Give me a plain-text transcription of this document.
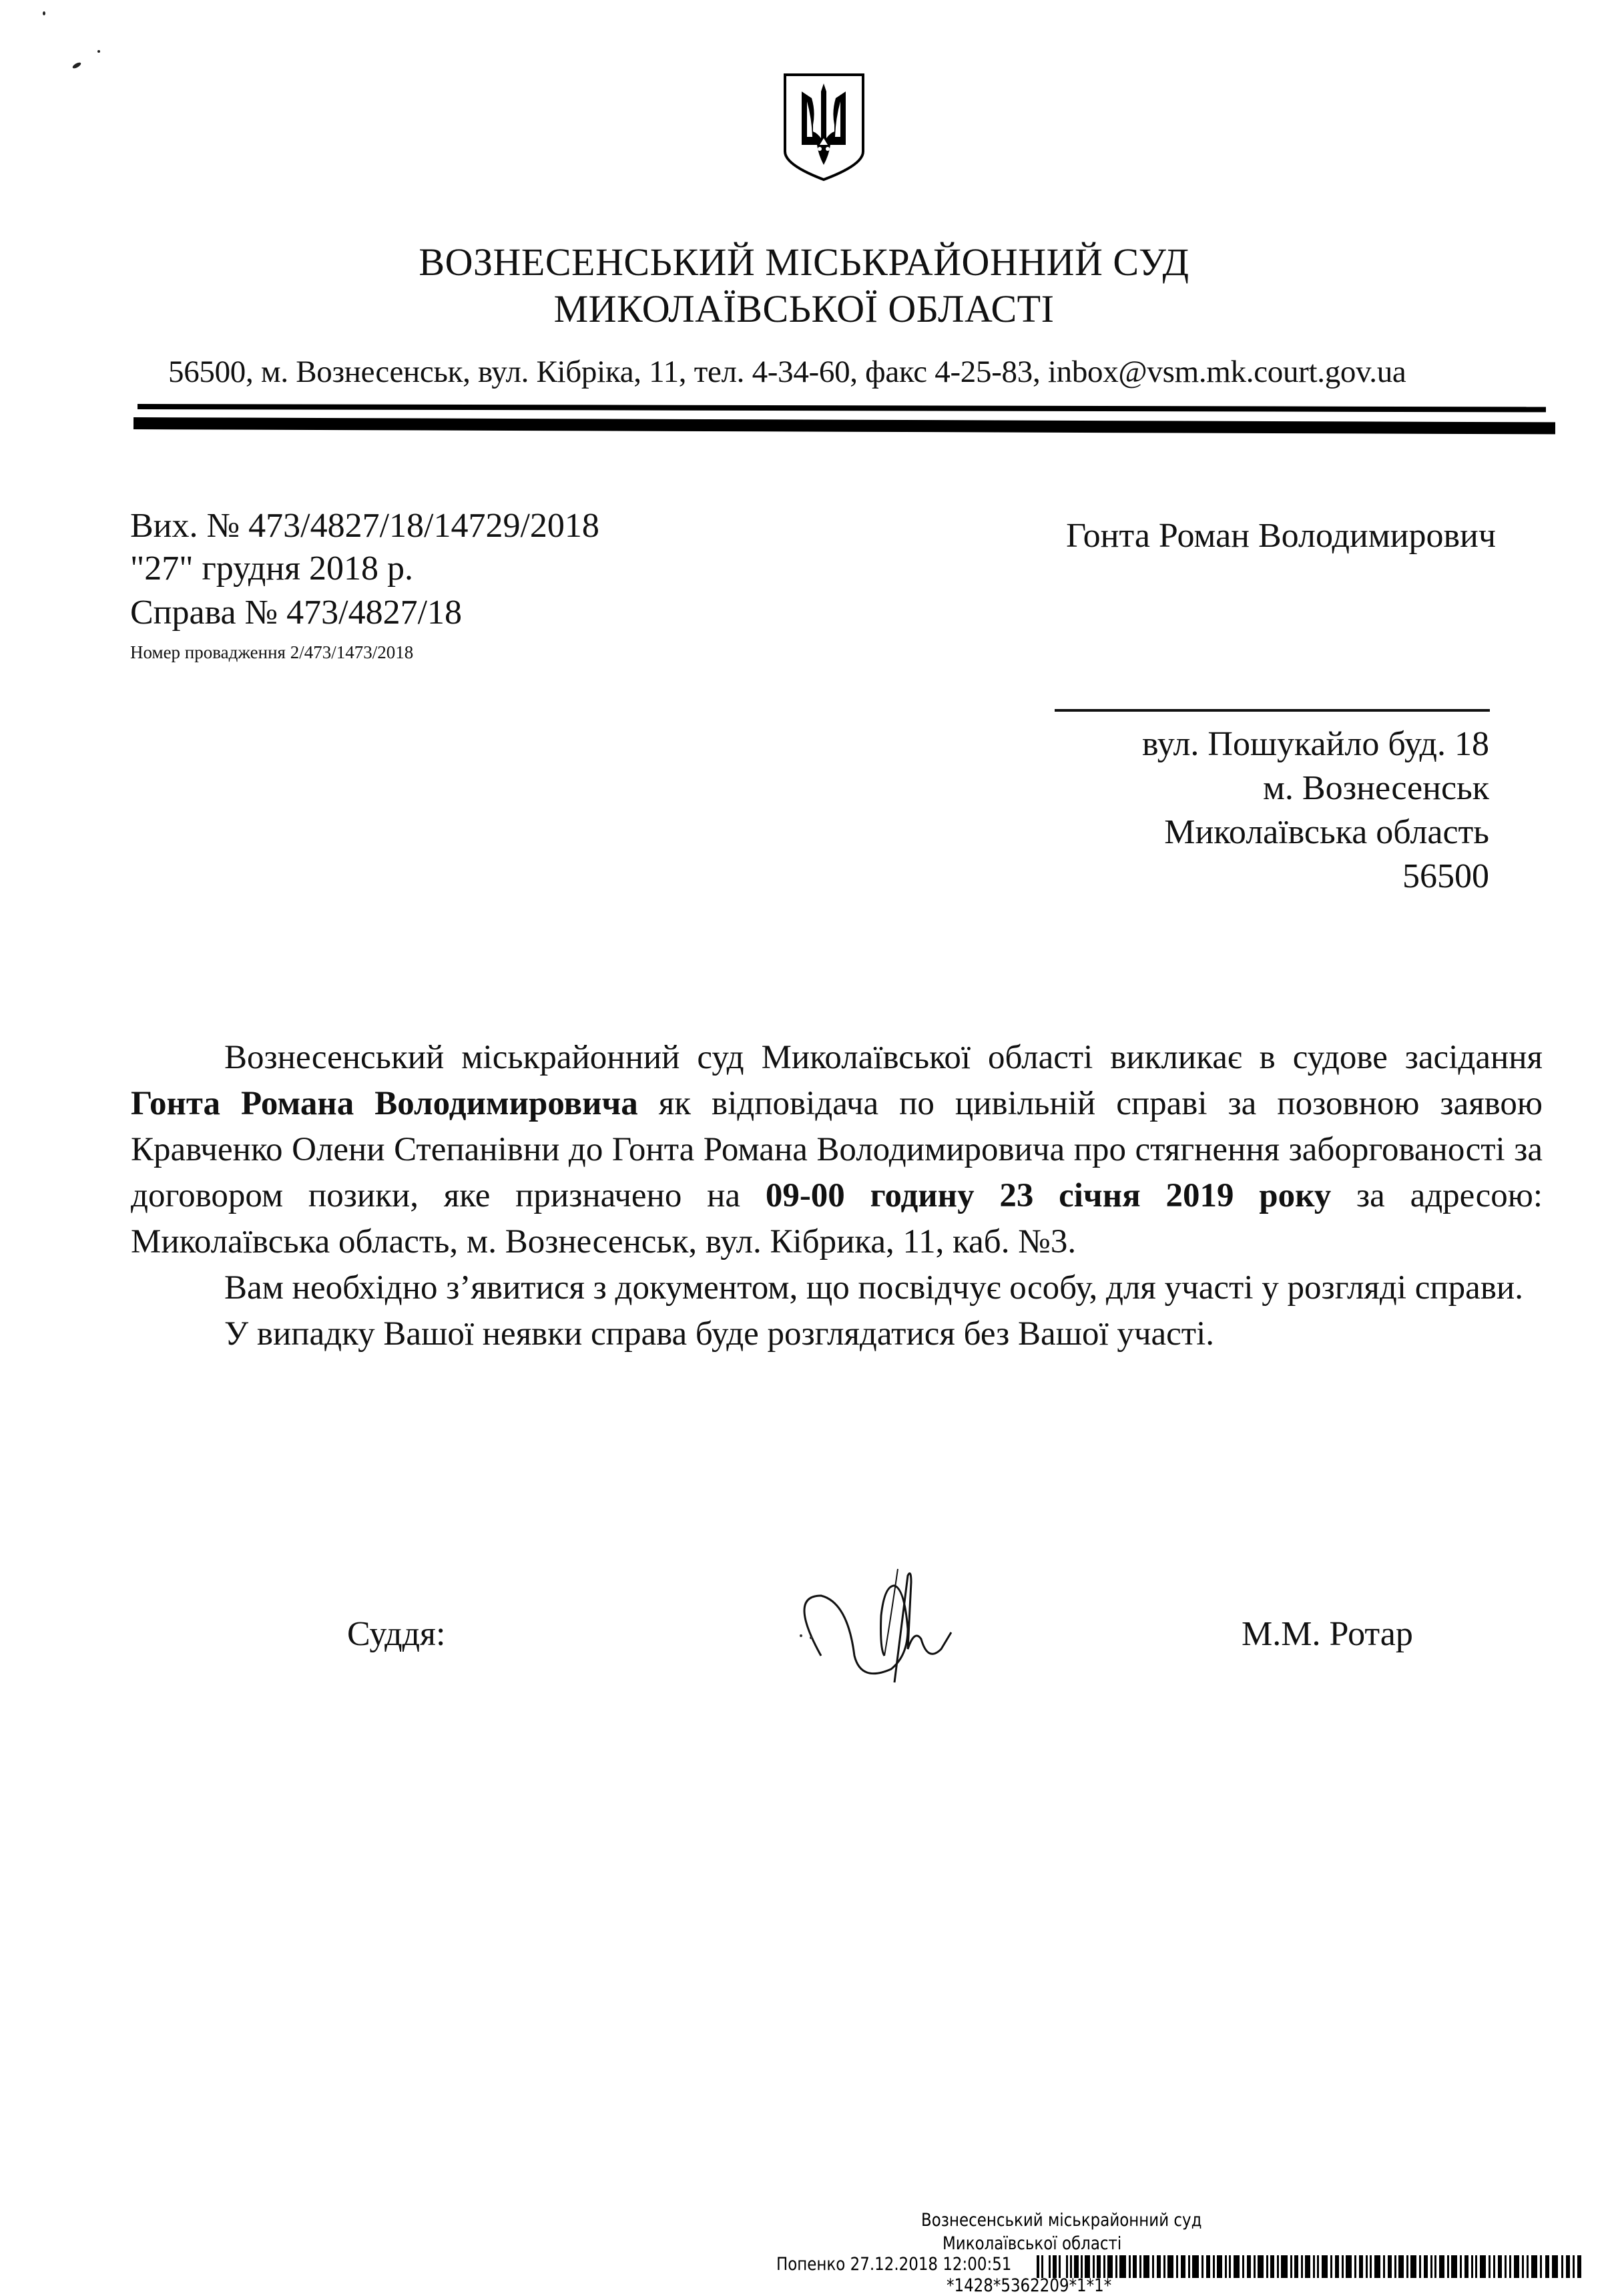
ВОЗНЕСЕНСЬКИЙ МІСЬКРАЙОННИЙ СУД
МИКОЛАЇВСЬКОЇ ОБЛАСТІ
56500, м. Вознесенськ, вул. Кібріка, 11, тел. 4-34-60, факс 4-25-83, inbox@vsm.mk.court.gov.ua
Вих. № 473/4827/18/14729/2018
"27" грудня 2018 р.
Справа № 473/4827/18
Номер провадження 2/473/1473/2018
Гонта Роман Володимирович
вул. Пошукайло буд. 18
м. Вознесенськ
Миколаївська область
56500

Вознесенський міськрайонний суд Миколаївської області викликає в судове засідання Гонта Романа Володимировича як відповідача по цивільній справі за позовною заявою Кравченко Олени Степанівни до Гонта Романа Володимировича про стягнення заборгованості за договором позики, яке призначено на 09-00 годину 23 січня 2019 року за адресою: Миколаївська область, м. Вознесенськ, вул. Кібрика, 11, каб. №3.

Вам необхідно з’явитися з документом, що посвідчує особу, для участі у розгляді справи.

У випадку Вашої неявки справа буде розглядатися без Вашої участі.

Суддя:	М.М. Ротар
Вознесенський міськрайонний суд
Миколаївської області
Попенко 27.12.2018 12:00:51
*1428*5362209*1*1*
